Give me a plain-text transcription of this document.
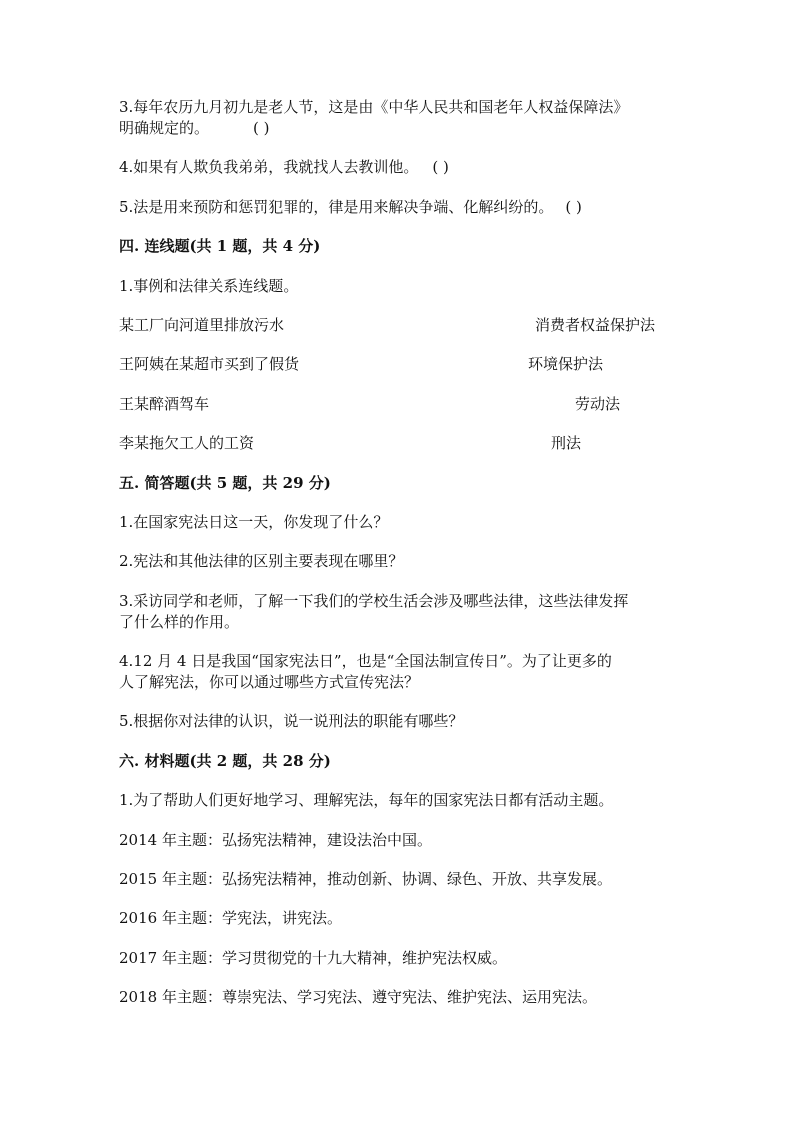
3.每年农历九月初九是老人节，这是由《中华人民共和国老年人权益保障法》
明确规定的。	( )
4.如果有人欺负我弟弟，我就找人去教训他。 ( )
5.法是用来预防和惩罚犯罪的，律是用来解决争端、化解纠纷的。 ( )
四. 连线题(共 1 题，共 4 分)
1.事例和法律关系连线题。
某工厂向河道里排放污水	消费者权益保护法
王阿姨在某超市买到了假货	环境保护法
王某醉酒驾车	劳动法
李某拖欠工人的工资	刑法
五. 简答题(共 5 题，共 29 分)
1.在国家宪法日这一天，你发现了什么？
2.宪法和其他法律的区别主要表现在哪里？
3.采访同学和老师，了解一下我们的学校生活会涉及哪些法律，这些法律发挥
了什么样的作用。
4.12 月 4 日是我国“国家宪法日”，也是“全国法制宣传日”。为了让更多的
人了解宪法，你可以通过哪些方式宣传宪法？
5.根据你对法律的认识，说一说刑法的职能有哪些？
六. 材料题(共 2 题，共 28 分)
1.为了帮助人们更好地学习、理解宪法，每年的国家宪法日都有活动主题。
2014 年主题：弘扬宪法精神，建设法治中国。
2015 年主题：弘扬宪法精神，推动创新、协调、绿色、开放、共享发展。
2016 年主题：学宪法，讲宪法。
2017 年主题：学习贯彻党的十九大精神，维护宪法权威。
2018 年主题：尊崇宪法、学习宪法、遵守宪法、维护宪法、运用宪法。
